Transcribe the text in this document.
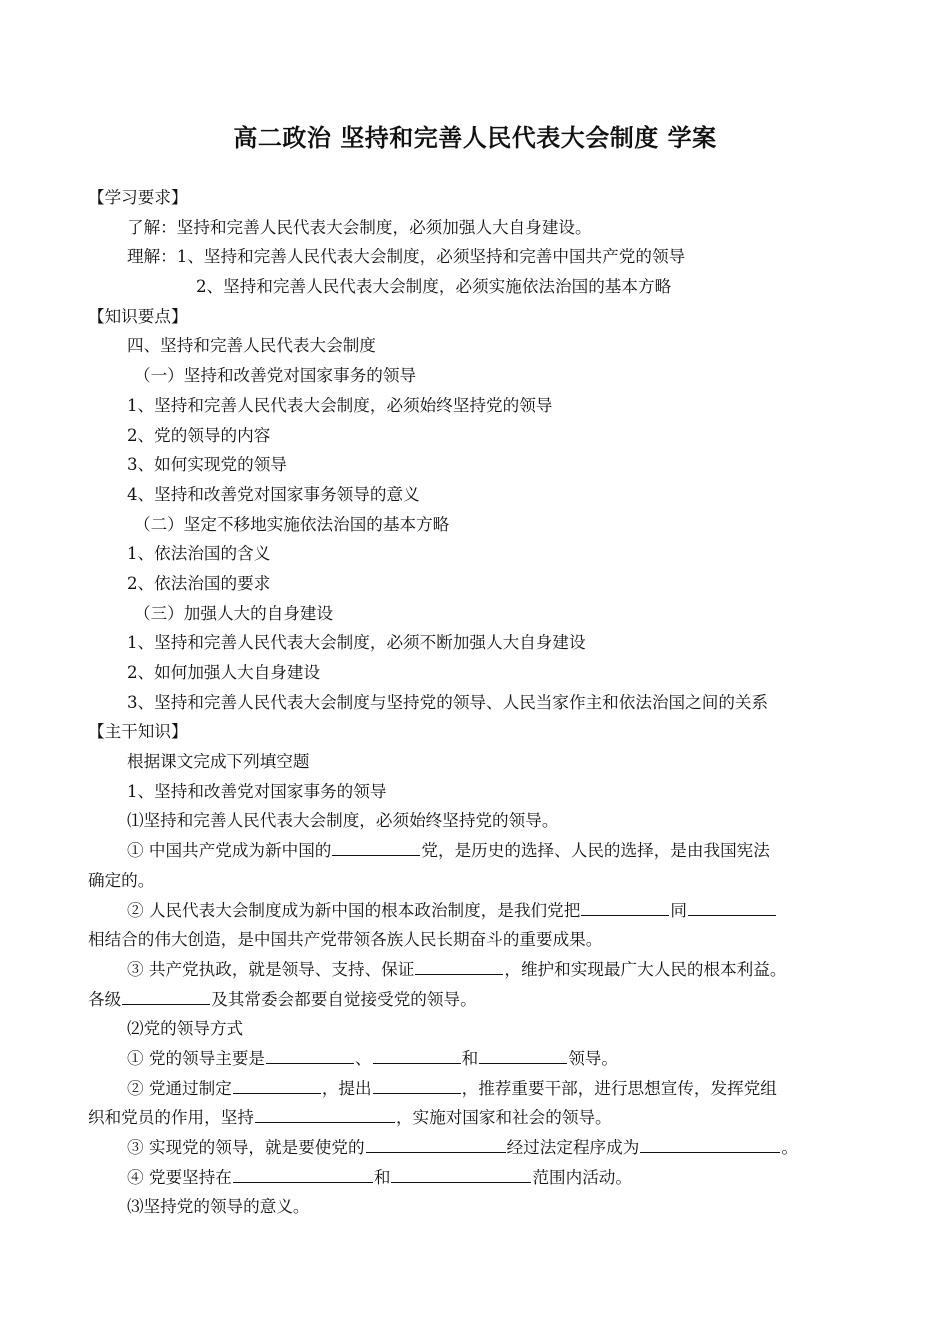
高二政治 坚持和完善人民代表大会制度 学案
【学习要求】
了解：坚持和完善人民代表大会制度，必须加强人大自身建设。
理解：1、坚持和完善人民代表大会制度，必须坚持和完善中国共产党的领导
2、坚持和完善人民代表大会制度，必须实施依法治国的基本方略
【知识要点】
四、坚持和完善人民代表大会制度
（一）坚持和改善党对国家事务的领导
1、坚持和完善人民代表大会制度，必须始终坚持党的领导
2、党的领导的内容
3、如何实现党的领导
4、坚持和改善党对国家事务领导的意义
（二）坚定不移地实施依法治国的基本方略
1、依法治国的含义
2、依法治国的要求
（三）加强人大的自身建设
1、坚持和完善人民代表大会制度，必须不断加强人大自身建设
2、如何加强人大自身建设
3、坚持和完善人民代表大会制度与坚持党的领导、人民当家作主和依法治国之间的关系
【主干知识】
根据课文完成下列填空题
1、坚持和改善党对国家事务的领导
⑴坚持和完善人民代表大会制度，必须始终坚持党的领导。
① 中国共产党成为新中国的	党，是历史的选择、人民的选择，是由我国宪法
确定的。
② 人民代表大会制度成为新中国的根本政治制度，是我们党把	同
相结合的伟大创造，是中国共产党带领各族人民长期奋斗的重要成果。
③ 共产党执政，就是领导、支持、保证	，维护和实现最广大人民的根本利益。
各级	及其常委会都要自觉接受党的领导。
⑵党的领导方式
① 党的领导主要是	、	和	领导。
② 党通过制定	，提出	，推荐重要干部，进行思想宣传，发挥党组
织和党员的作用，坚持	，实施对国家和社会的领导。
③ 实现党的领导，就是要使党的	经过法定程序成为	。
④ 党要坚持在	和	范围内活动。
⑶坚持党的领导的意义。
